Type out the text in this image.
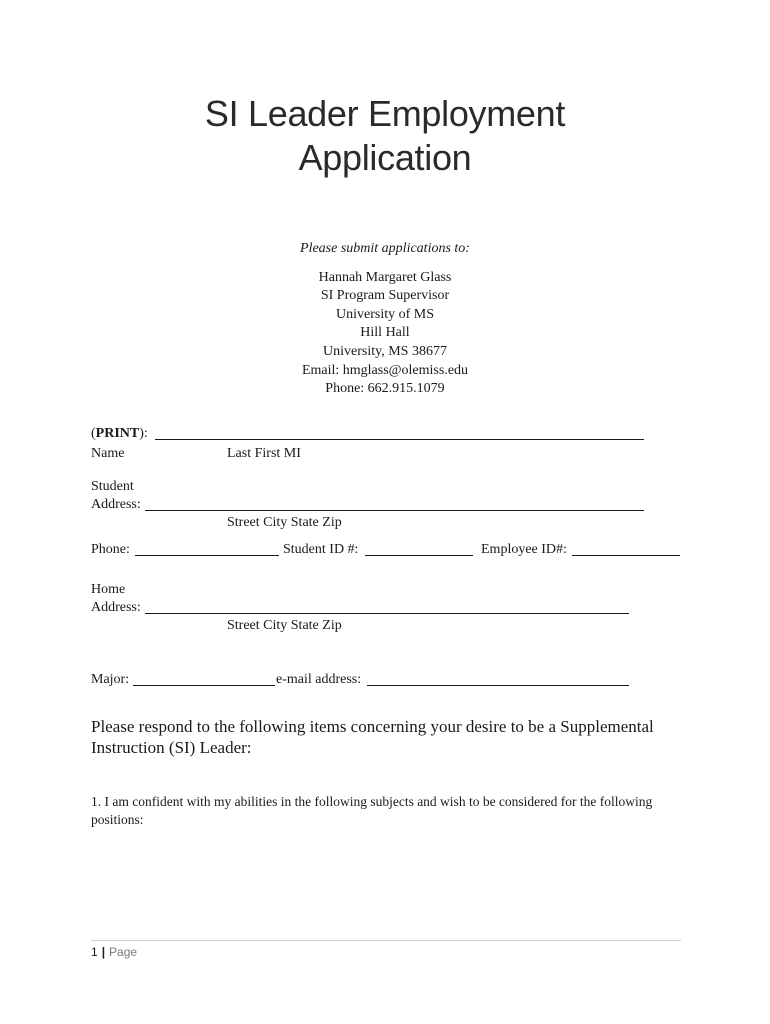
SI Leader Employment
Application
Please submit applications to:
Hannah Margaret Glass
SI Program Supervisor
University of MS
Hill Hall
University, MS 38677
Email: hmglass@olemiss.edu
Phone: 662.915.1079
(PRINT):
Name	Last First MI
Student
Address:
Street City State Zip
Phone:	Student ID #:	Employee ID#:
Home
Address:
Street City State Zip
Major:	e-mail address:
Please respond to the following items concerning your desire to be a Supplemental Instruction (SI) Leader:
1. I am confident with my abilities in the following subjects and wish to be considered for the following positions:
1 | Page
